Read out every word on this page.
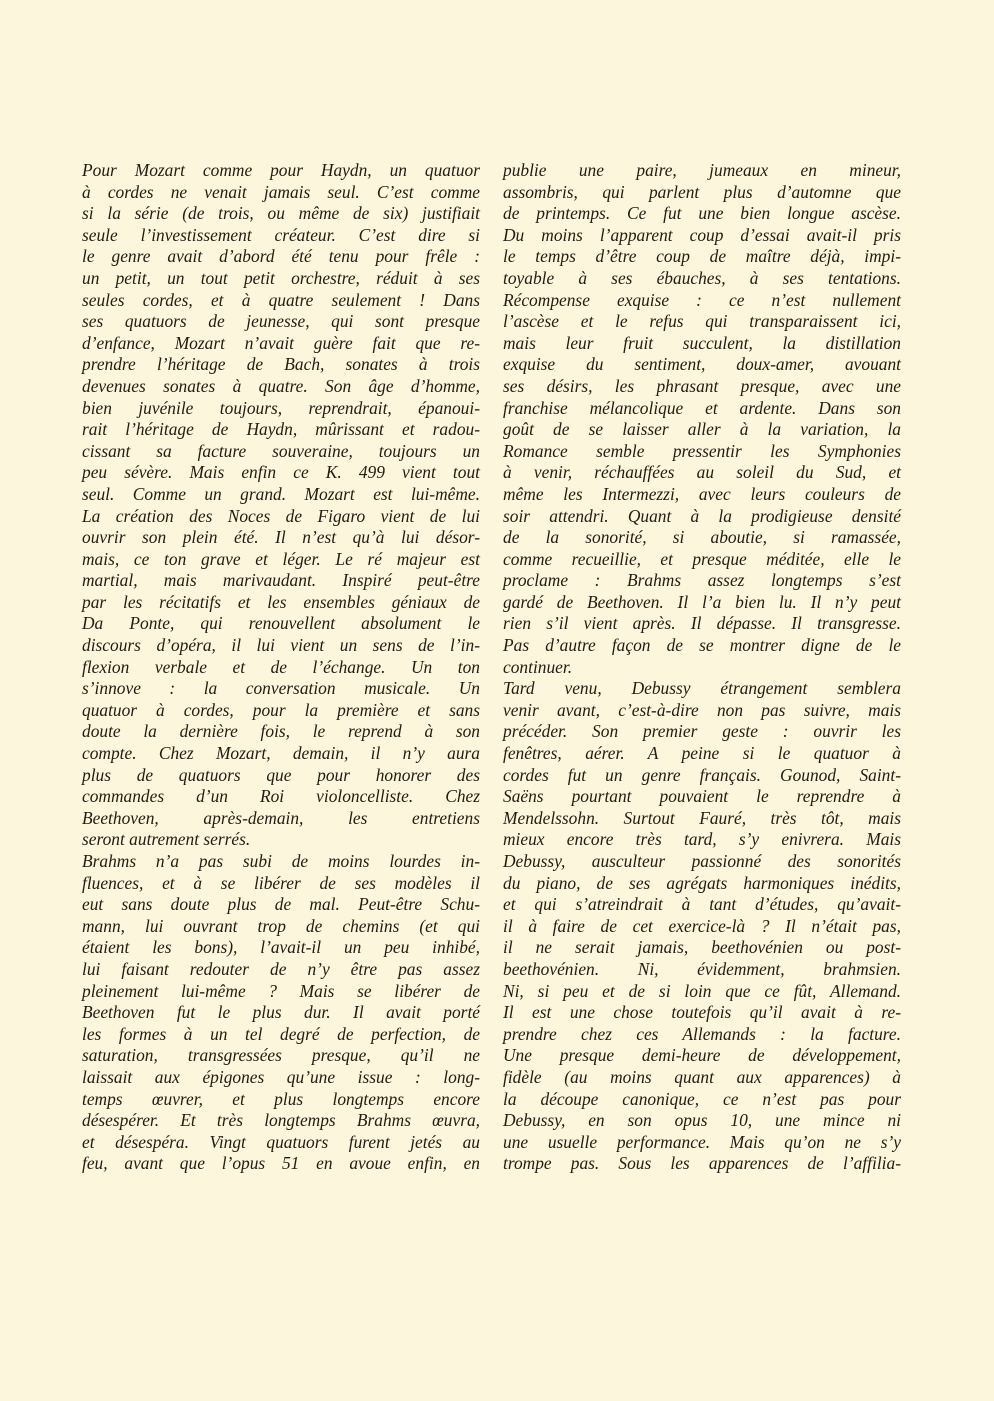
Pour Mozart comme pour Haydn, un quatuor
à cordes ne venait jamais seul. C’est comme
si la série (de trois, ou même de six) justifiait
seule l’investissement créateur. C’est dire si
le genre avait d’abord été tenu pour frêle :
un petit, un tout petit orchestre, réduit à ses
seules cordes, et à quatre seulement ! Dans
ses quatuors de jeunesse, qui sont presque
d’enfance, Mozart n’avait guère fait que re-
prendre l’héritage de Bach, sonates à trois
devenues sonates à quatre. Son âge d’homme,
bien juvénile toujours, reprendrait, épanoui-
rait l’héritage de Haydn, mûrissant et radou-
cissant sa facture souveraine, toujours un
peu sévère. Mais enfin ce K. 499 vient tout
seul. Comme un grand. Mozart est lui-même.
La création des Noces de Figaro vient de lui
ouvrir son plein été. Il n’est qu’à lui désor-
mais, ce ton grave et léger. Le ré majeur est
martial, mais marivaudant. Inspiré peut-être
par les récitatifs et les ensembles géniaux de
Da Ponte, qui renouvellent absolument le
discours d’opéra, il lui vient un sens de l’in-
flexion verbale et de l’échange. Un ton
s’innove : la conversation musicale. Un
quatuor à cordes, pour la première et sans
doute la dernière fois, le reprend à son
compte. Chez Mozart, demain, il n’y aura
plus de quatuors que pour honorer des
commandes d’un Roi violoncelliste. Chez
Beethoven, après-demain, les entretiens
seront autrement serrés.
Brahms n’a pas subi de moins lourdes in-
fluences, et à se libérer de ses modèles il
eut sans doute plus de mal. Peut-être Schu-
mann, lui ouvrant trop de chemins (et qui
étaient les bons), l’avait-il un peu inhibé,
lui faisant redouter de n’y être pas assez
pleinement lui-même ? Mais se libérer de
Beethoven fut le plus dur. Il avait porté
les formes à un tel degré de perfection, de
saturation, transgressées presque, qu’il ne
laissait aux épigones qu’une issue : long-
temps œuvrer, et plus longtemps encore
désespérer. Et très longtemps Brahms œuvra,
et désespéra. Vingt quatuors furent jetés au
feu, avant que l’opus 51 en avoue enfin, en
publie une paire, jumeaux en mineur,
assombris, qui parlent plus d’automne que
de printemps. Ce fut une bien longue ascèse.
Du moins l’apparent coup d’essai avait-il pris
le temps d’être coup de maître déjà, impi-
toyable à ses ébauches, à ses tentations.
Récompense exquise : ce n’est nullement
l’ascèse et le refus qui transparaissent ici,
mais leur fruit succulent, la distillation
exquise du sentiment, doux-amer, avouant
ses désirs, les phrasant presque, avec une
franchise mélancolique et ardente. Dans son
goût de se laisser aller à la variation, la
Romance semble pressentir les Symphonies
à venir, réchauffées au soleil du Sud, et
même les Intermezzi, avec leurs couleurs de
soir attendri. Quant à la prodigieuse densité
de la sonorité, si aboutie, si ramassée,
comme recueillie, et presque méditée, elle le
proclame : Brahms assez longtemps s’est
gardé de Beethoven. Il l’a bien lu. Il n’y peut
rien s’il vient après. Il dépasse. Il transgresse.
Pas d’autre façon de se montrer digne de le
continuer.
Tard venu, Debussy étrangement semblera
venir avant, c’est-à-dire non pas suivre, mais
précéder. Son premier geste : ouvrir les
fenêtres, aérer. A peine si le quatuor à
cordes fut un genre français. Gounod, Saint-
Saëns pourtant pouvaient le reprendre à
Mendelssohn. Surtout Fauré, très tôt, mais
mieux encore très tard, s’y enivrera. Mais
Debussy, ausculteur passionné des sonorités
du piano, de ses agrégats harmoniques inédits,
et qui s’atreindrait à tant d’études, qu’avait-
il à faire de cet exercice-là ? Il n’était pas,
il ne serait jamais, beethovénien ou post-
beethovénien. Ni, évidemment, brahmsien.
Ni, si peu et de si loin que ce fût, Allemand.
Il est une chose toutefois qu’il avait à re-
prendre chez ces Allemands : la facture.
Une presque demi-heure de développement,
fidèle (au moins quant aux apparences) à
la découpe canonique, ce n’est pas pour
Debussy, en son opus 10, une mince ni
une usuelle performance. Mais qu’on ne s’y
trompe pas. Sous les apparences de l’affilia-
